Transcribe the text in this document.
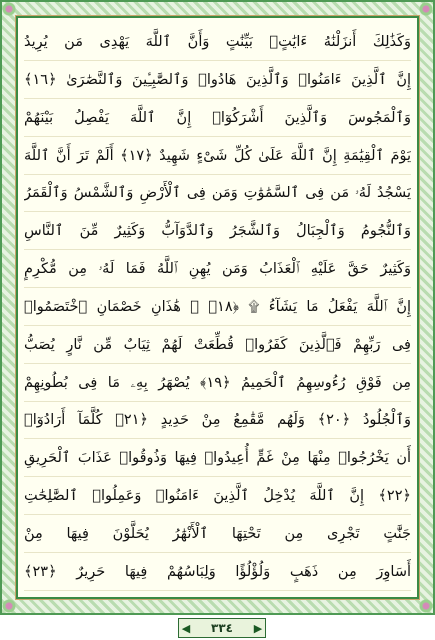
وَكَذَٰلِكَ أَنزَلْنَٰهُ ءَايَٰتٍۭ بَيِّنَٰتٍ وَأَنَّ ٱللَّهَ يَهْدِى مَن يُرِيدُ
إِنَّ ٱلَّذِينَ ءَامَنُوا۟ وَٱلَّذِينَ هَادُوا۟ وَٱلصَّٰبِـِٔينَ وَٱلنَّصَٰرَىٰ ﴿١٦﴾
وَٱلْمَجُوسَ وَٱلَّذِينَ أَشْرَكُوٓا۟ إِنَّ ٱللَّهَ يَفْصِلُ بَيْنَهُمْ
يَوْمَ ٱلْقِيَٰمَةِ إِنَّ ٱللَّهَ عَلَىٰ كُلِّ شَىْءٍ شَهِيدٌ ﴿١٧﴾ أَلَمْ تَرَ أَنَّ ٱللَّهَ
يَسْجُدُ لَهُۥ مَن فِى ٱلسَّمَٰوَٰتِ وَمَن فِى ٱلْأَرْضِ وَٱلشَّمْسُ وَٱلْقَمَرُ
وَٱلنُّجُومُ وَٱلْجِبَالُ وَٱلشَّجَرُ وَٱلدَّوَآبُّ وَكَثِيرٌ مِّنَ ٱلنَّاسِ
وَكَثِيرٌ حَقَّ عَلَيْهِ ٱلْعَذَابُ وَمَن يُهِنِ ٱللَّهُ فَمَا لَهُۥ مِن مُّكْرِمٍ
إِنَّ ٱللَّهَ يَفْعَلُ مَا يَشَآءُ ۩ ﴿١٨﴾ ۞ هَٰذَانِ خَصْمَانِ ٱخْتَصَمُوا۟
فِى رَبِّهِمْ فَٱلَّذِينَ كَفَرُوا۟ قُطِّعَتْ لَهُمْ ثِيَابٌ مِّن نَّارٍ يُصَبُّ
مِن فَوْقِ رُءُوسِهِمُ ٱلْحَمِيمُ ﴿١٩﴾ يُصْهَرُ بِهِۦ مَا فِى بُطُونِهِمْ
وَٱلْجُلُودُ ﴿٢٠﴾ وَلَهُم مَّقَٰمِعُ مِنْ حَدِيدٍ ﴿٢١﴾ كُلَّمَآ أَرَادُوٓا۟
أَن يَخْرُجُوا۟ مِنْهَا مِنْ غَمٍّ أُعِيدُوا۟ فِيهَا وَذُوقُوا۟ عَذَابَ ٱلْحَرِيقِ
﴿٢٢﴾ إِنَّ ٱللَّهَ يُدْخِلُ ٱلَّذِينَ ءَامَنُوا۟ وَعَمِلُوا۟ ٱلصَّٰلِحَٰتِ
جَنَّٰتٍ تَجْرِى مِن تَحْتِهَا ٱلْأَنْهَٰرُ يُحَلَّوْنَ فِيهَا مِنْ
أَسَاوِرَ مِن ذَهَبٍ وَلُؤْلُؤًا وَلِبَاسُهُمْ فِيهَا حَرِيرٌ ﴿٢٣﴾
◀ ٣٣٤ ▶
